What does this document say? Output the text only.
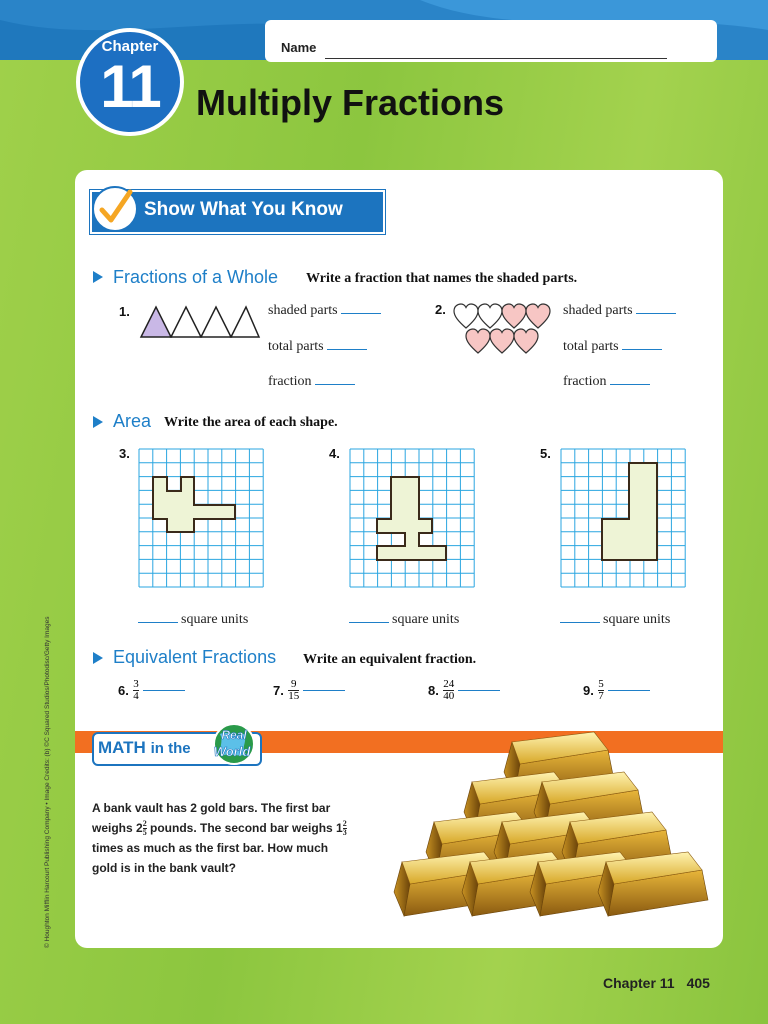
Name
Chapter
11	Multiply Fractions
Show What You Know
Fractions of a Whole Write a fraction that names the shaded parts.
1.	shaded parts
total parts
fraction
2.	shaded parts
total parts
fraction
Area Write the area of each shape.
3.	4.	5.
square units	square units	square units
Equivalent Fractions Write an equivalent fraction.
6. $\frac{3}{4}$	7. $\frac{9}{15}$	8. $\frac{24}{40}$	9. $\frac{5}{7}$
MATH in the
Real
World
A bank vault has 2 gold bars. The first bar
weighs $2 \frac{2}{5}$ pounds. The second bar weighs $1 \frac{2}{3}$
times as much as the first bar. How much
gold is in the bank vault?
© Houghton Mifflin Harcourt Publishing Company • Image Credits: (b) ©C Squared Studios/Photodisc/Getty Images
Chapter 11 405
